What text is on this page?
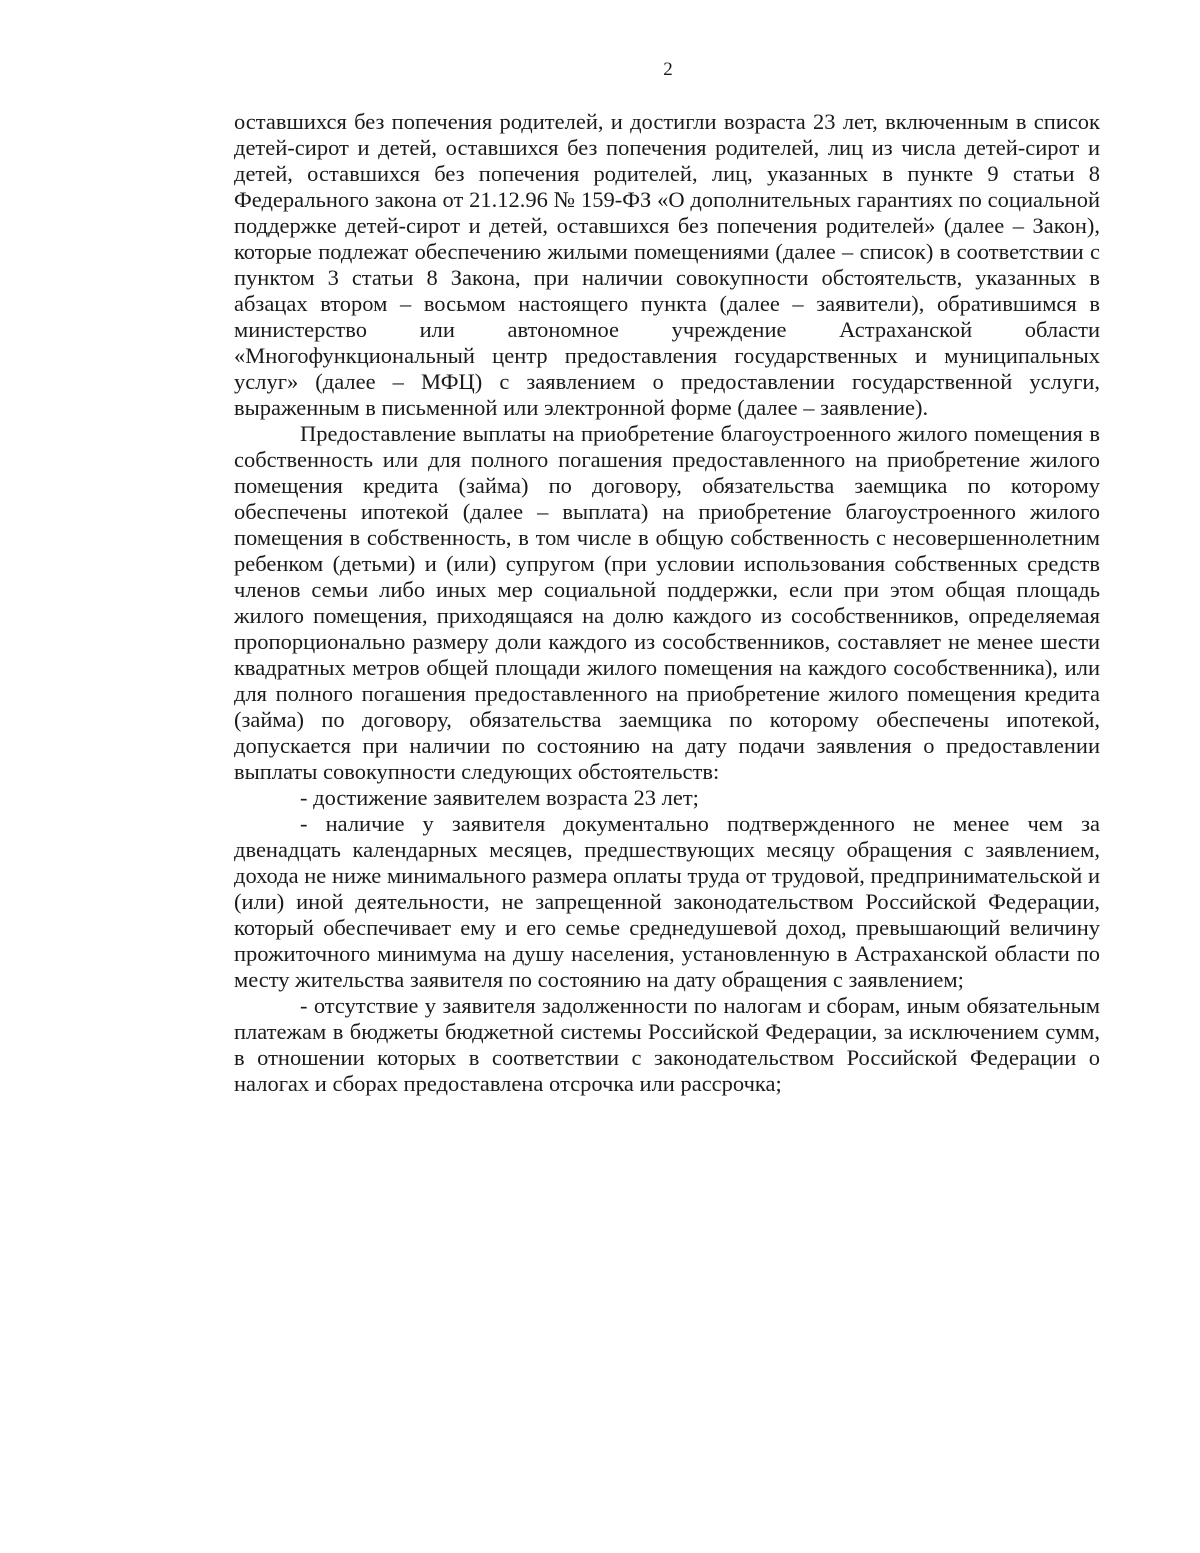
2

оставшихся без попечения родителей, и достигли возраста 23 лет, включенным в список детей-сирот и детей, оставшихся без попечения родителей, лиц из числа детей-сирот и детей, оставшихся без попечения родителей, лиц, указанных в пункте 9 статьи 8 Федерального закона от 21.12.96 № 159-ФЗ «О дополнительных гарантиях по социальной поддержке детей-сирот и детей, оставшихся без попечения родителей» (далее – Закон), которые подлежат обеспечению жилыми помещениями (далее – список) в соответствии с пунктом 3 статьи 8 Закона, при наличии совокупности обстоятельств, указанных в абзацах втором – восьмом настоящего пункта (далее – заявители), обратившимся в министерство или автономное учреждение Астраханской области «Многофункциональный центр предоставления государственных и муниципальных услуг» (далее – МФЦ) с заявлением о предоставлении государственной услуги, выраженным в письменной или электронной форме (далее – заявление).

Предоставление выплаты на приобретение благоустроенного жилого помещения в собственность или для полного погашения предоставленного на приобретение жилого помещения кредита (займа) по договору, обязательства заемщика по которому обеспечены ипотекой (далее – выплата) на приобретение благоустроенного жилого помещения в собственность, в том числе в общую собственность с несовершеннолетним ребенком (детьми) и (или) супругом (при условии использования собственных средств членов семьи либо иных мер социальной поддержки, если при этом общая площадь жилого помещения, приходящаяся на долю каждого из сособственников, определяемая пропорционально размеру доли каждого из сособственников, составляет не менее шести квадратных метров общей площади жилого помещения на каждого сособственника), или для полного погашения предоставленного на приобретение жилого помещения кредита (займа) по договору, обязательства заемщика по которому обеспечены ипотекой, допускается при наличии по состоянию на дату подачи заявления о предоставлении выплаты совокупности следующих обстоятельств:

- достижение заявителем возраста 23 лет;

- наличие у заявителя документально подтвержденного не менее чем за двенадцать календарных месяцев, предшествующих месяцу обращения с заявлением, дохода не ниже минимального размера оплаты труда от трудовой, предпринимательской и (или) иной деятельности, не запрещенной законодательством Российской Федерации, который обеспечивает ему и его семье среднедушевой доход, превышающий величину прожиточного минимума на душу населения, установленную в Астраханской области по месту жительства заявителя по состоянию на дату обращения с заявлением;

- отсутствие у заявителя задолженности по налогам и сборам, иным обязательным платежам в бюджеты бюджетной системы Российской Федерации, за исключением сумм, в отношении которых в соответствии с законодательством Российской Федерации о налогах и сборах предоставлена отсрочка или рассрочка;
